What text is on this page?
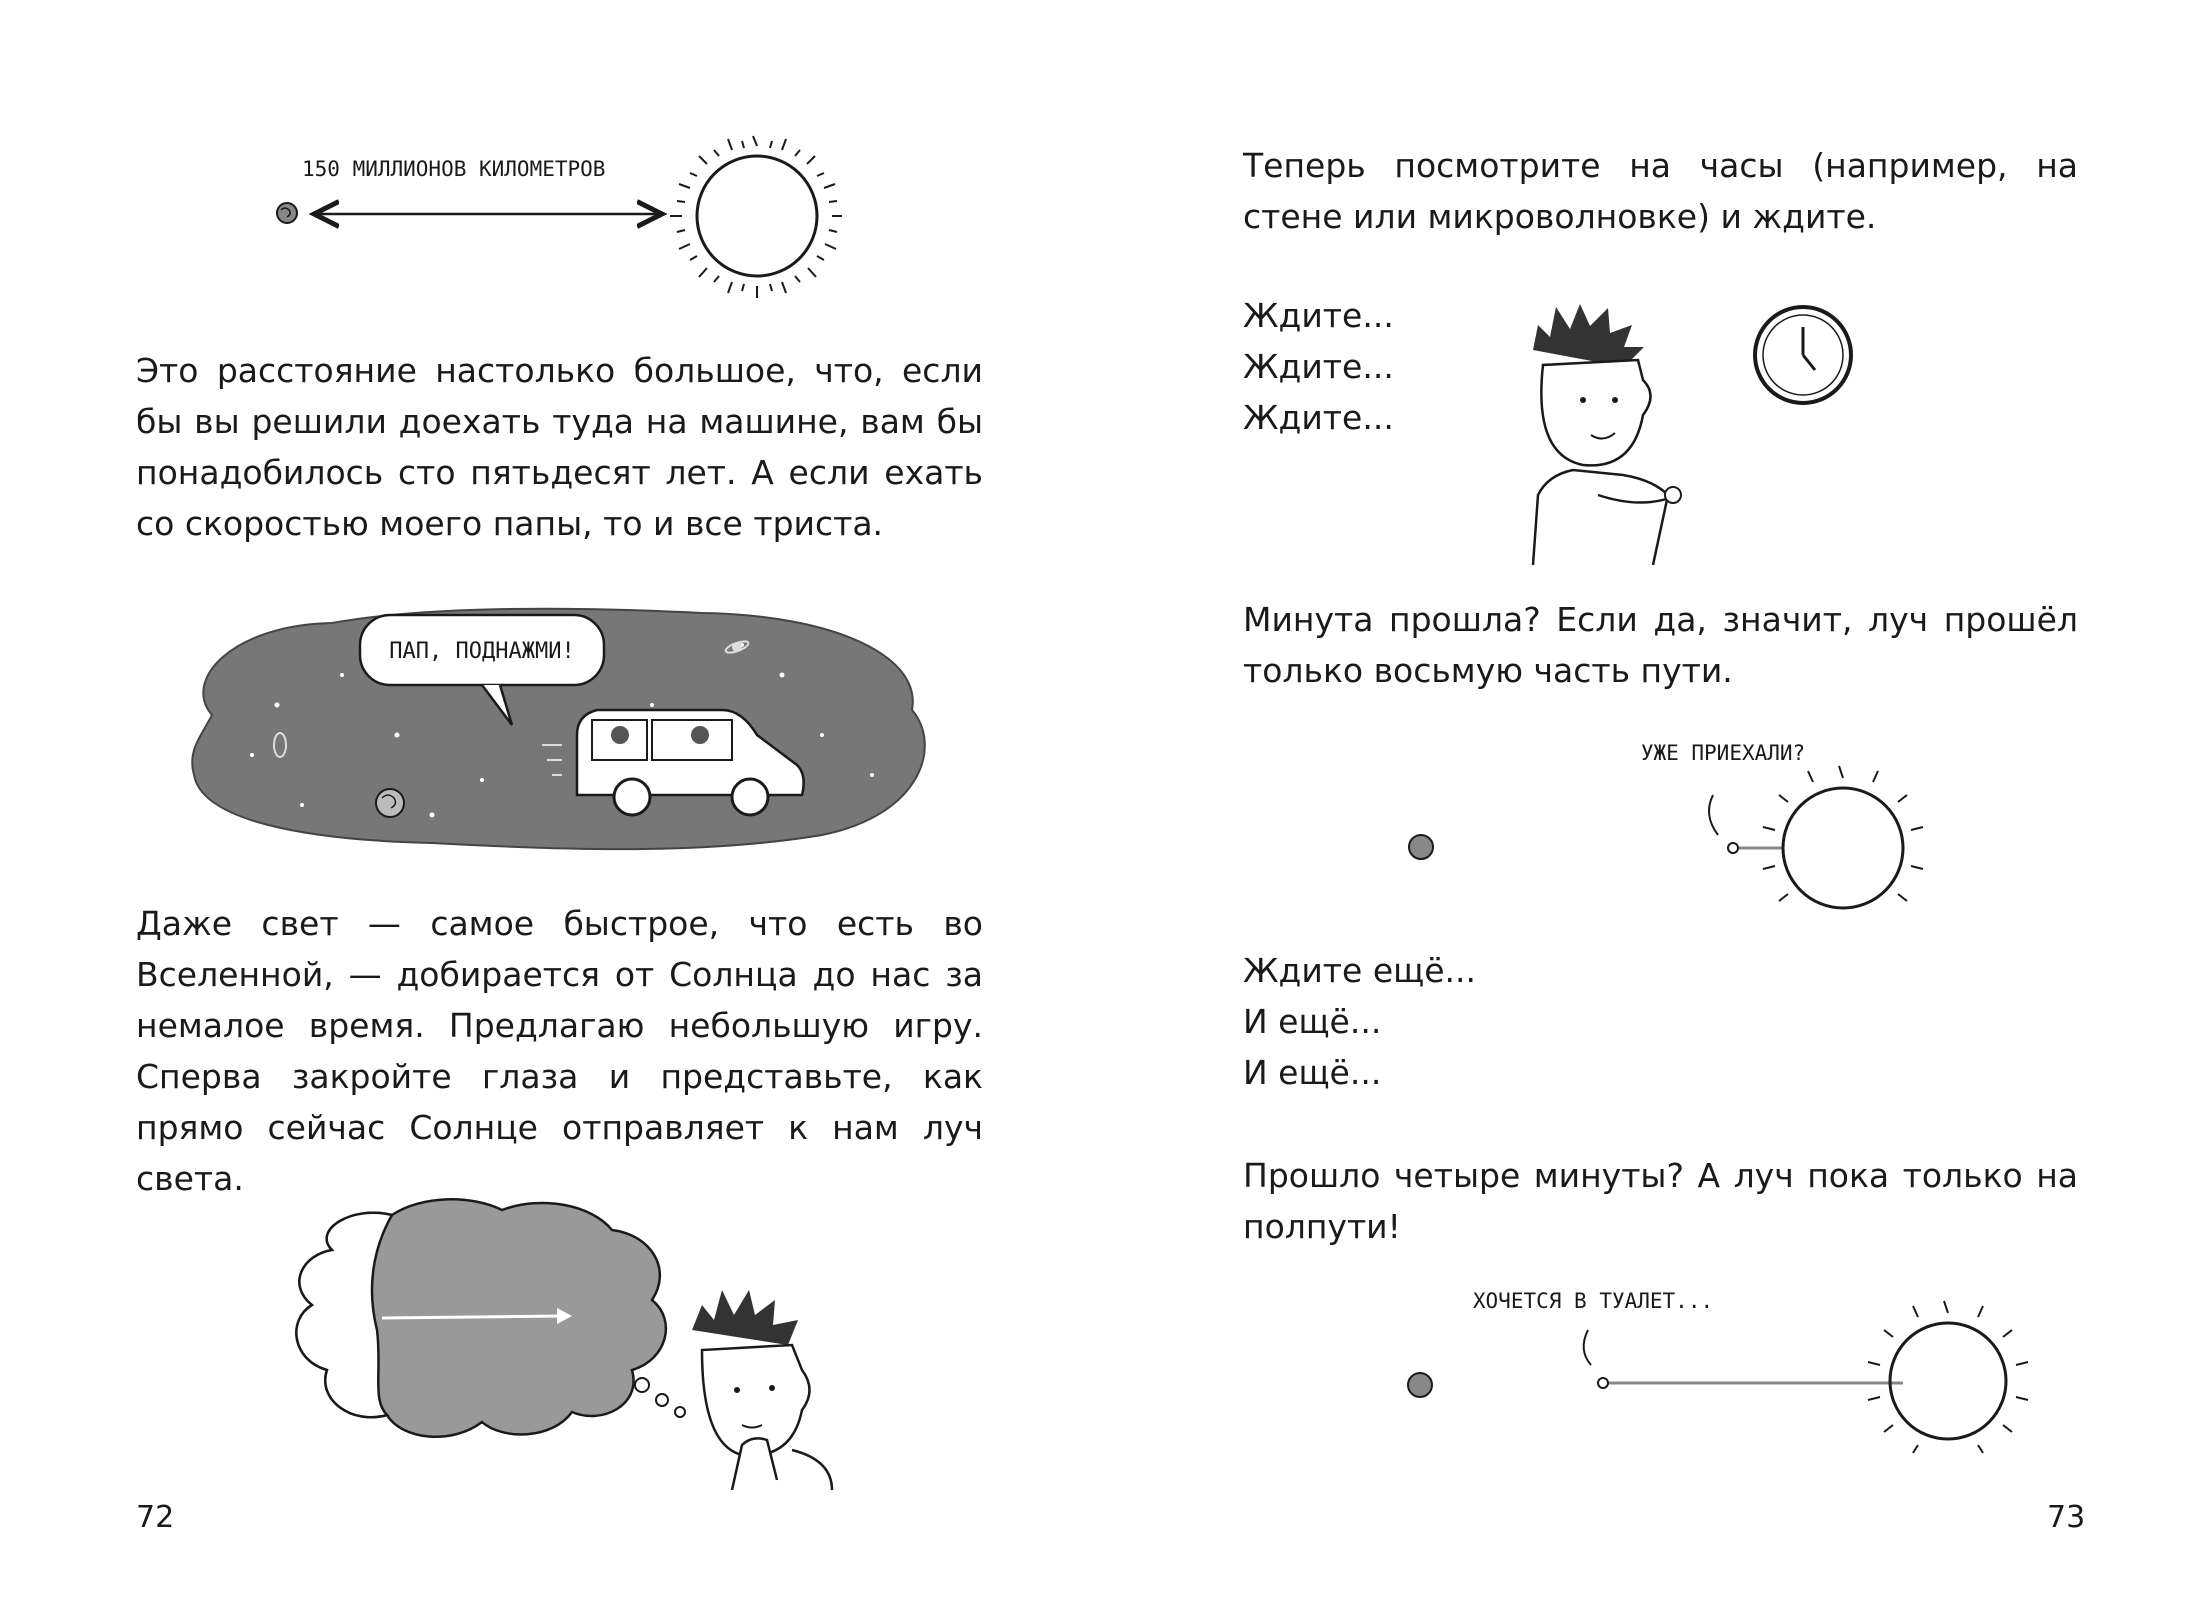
150 МИЛЛИОНОВ КИЛОМЕТРОВ

Это расстояние настолько большое, что, если бы вы решили доехать туда на машине, вам бы понадобилось сто пятьдесят лет. А если ехать со скоростью моего папы, то и все триста.

ПАП, ПОДНАЖМИ!

Даже свет — самое быстрое, что есть во Вселенной, — добирается от Солнца до нас за немалое время. Предлагаю небольшую игру. Сперва закройте глаза и представьте, как прямо сейчас Солнце отправляет к нам луч света.

72

Теперь посмотрите на часы (например, на стене или микроволновке) и ждите.

Ждите...
Ждите...
Ждите...

Минута прошла? Если да, значит, луч прошёл только восьмую часть пути.

УЖЕ ПРИЕХАЛИ?
Ждите ещё...
И ещё...
И ещё...

Прошло четыре минуты? А луч пока только на полпути!

ХОЧЕТСЯ В ТУАЛЕТ...

73
